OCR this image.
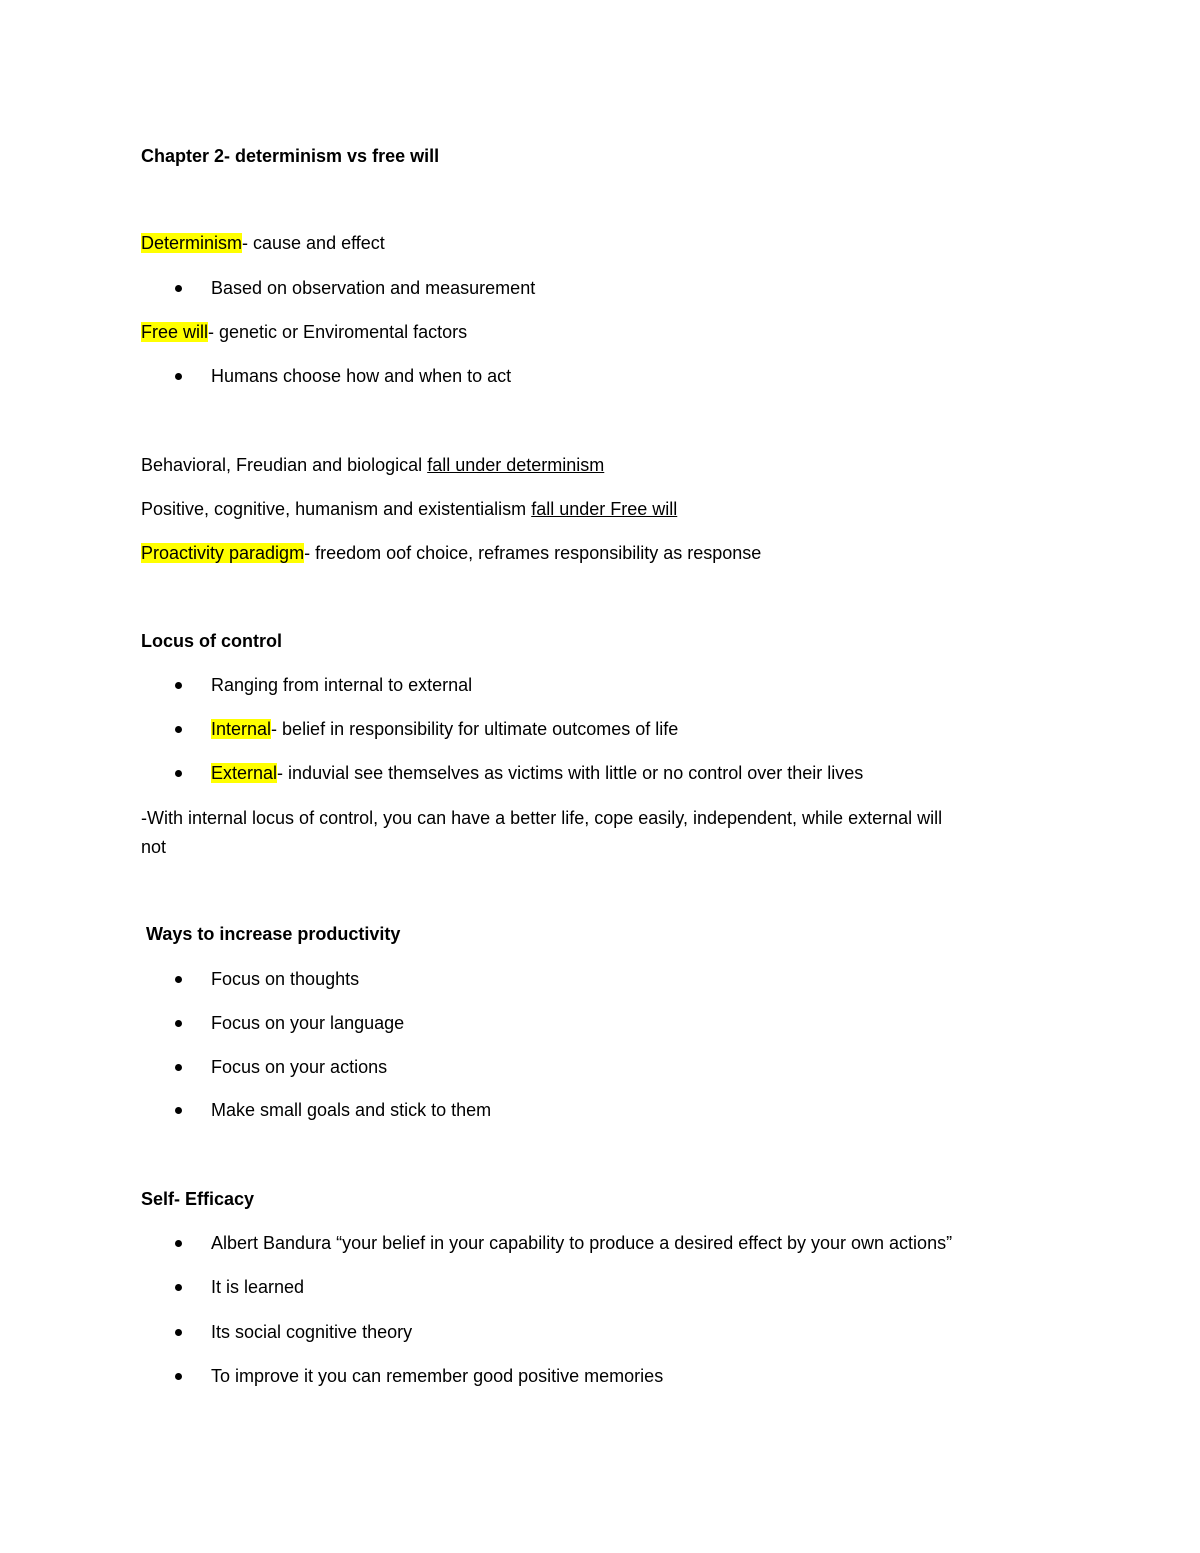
Chapter 2- determinism vs free will
Determinism- cause and effect
Based on observation and measurement
Free will- genetic or Enviromental factors
Humans choose how and when to act
Behavioral, Freudian and biological fall under determinism
Positive, cognitive, humanism and existentialism fall under Free will
Proactivity paradigm- freedom oof choice, reframes responsibility as response
Locus of control
Ranging from internal to external
Internal- belief in responsibility for ultimate outcomes of life
External- induvial see themselves as victims with little or no control over their lives
-With internal locus of control, you can have a better life, cope easily, independent, while external will
not
Ways to increase productivity
Focus on thoughts
Focus on your language
Focus on your actions
Make small goals and stick to them
Self- Efficacy
Albert Bandura “your belief in your capability to produce a desired effect by your own actions”
It is learned
Its social cognitive theory
To improve it you can remember good positive memories
